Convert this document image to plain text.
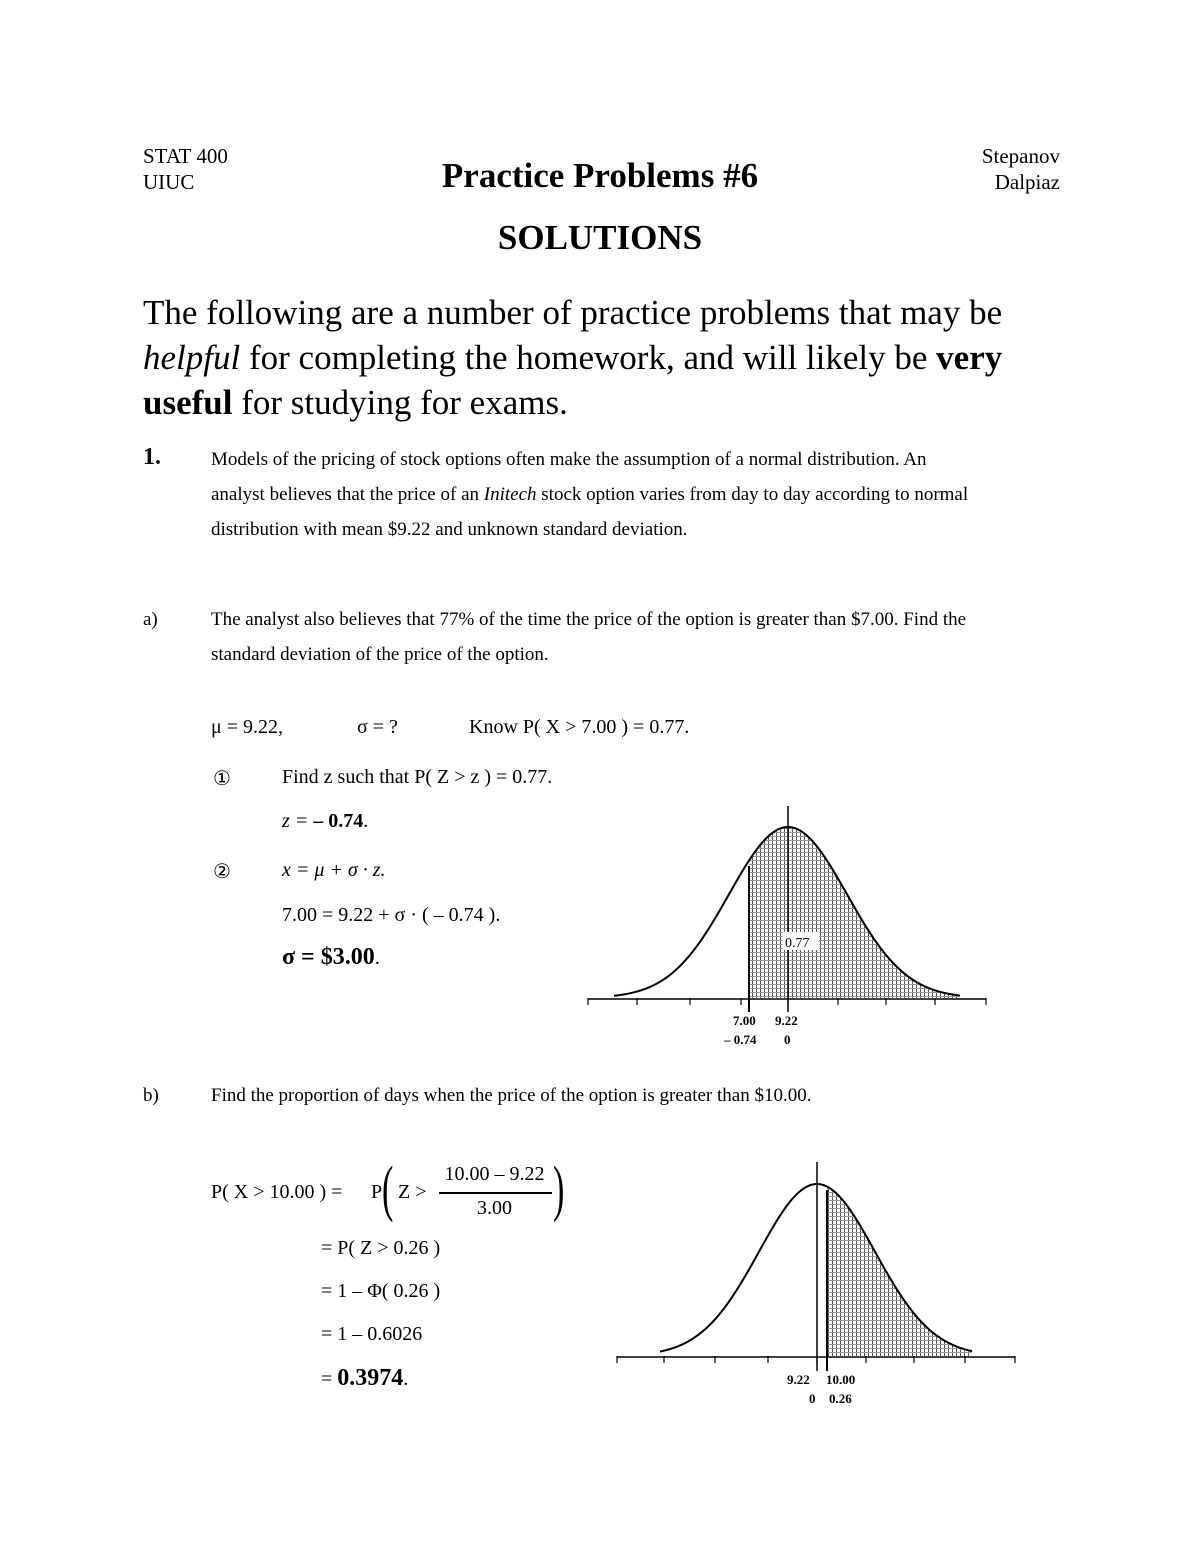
STAT 400
UIUC	Practice Problems #6	Stepanov
Dalpiaz
SOLUTIONS
The following are a number of practice problems that may be helpful for completing the homework, and will likely be very useful for studying for exams.
1.	Models of the pricing of stock options often make the assumption of a normal distribution. An analyst believes that the price of an Initech stock option varies from day to day according to normal distribution with mean $9.22 and unknown standard deviation.
a)	The analyst also believes that 77% of the time the price of the option is greater than $7.00. Find the standard deviation of the price of the option.
μ = 9.22,	σ = ?	Know P( X > 7.00 ) = 0.77.
①	Find z such that P( Z > z ) = 0.77.
z = – 0.74.
②	x = μ + σ · z.
7.00 = 9.22 + σ · ( – 0.74 ).
σ = $3.00.
0.77
7.00 9.22
– 0.74 0
9.22 10.00
0 0.26
b)	Find the proportion of days when the price of the option is greater than $10.00.
P( X > 10.00 ) = P ( Z >
10.00 – 9.22
3.00 )
= P( Z > 0.26 )
= 1 – Φ( 0.26 )
= 1 – 0.6026
= 0.3974.
